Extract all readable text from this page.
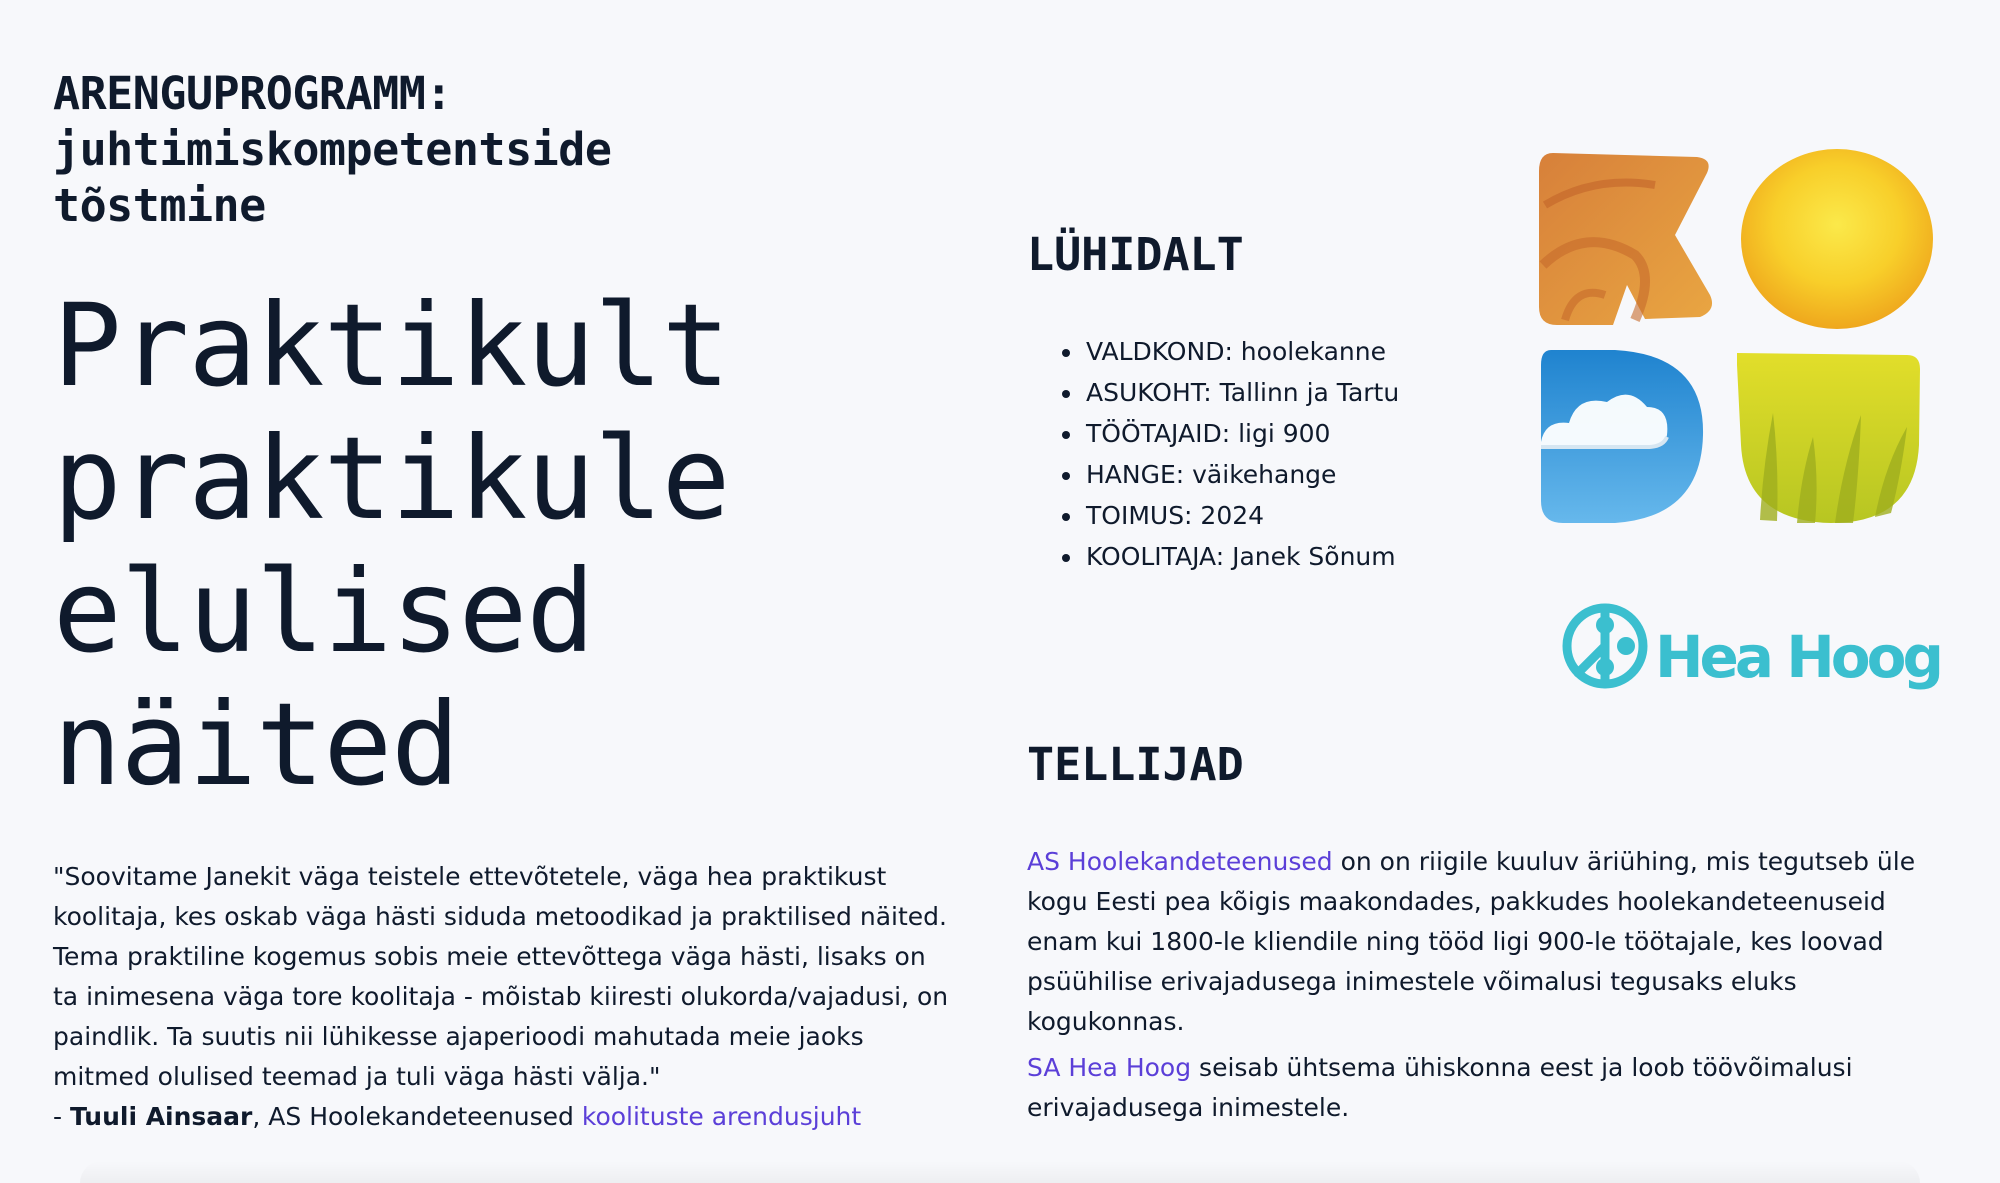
ARENGUPROGRAMM:
juhtimiskompetentside tõstmine
Praktikult
praktikule
elulised
näited

"Soovitame Janekit väga teistele ettevõtetele, väga hea praktikust koolitaja, kes oskab väga hästi siduda metoodikad ja praktilised näited. Tema praktiline kogemus sobis meie ettevõttega väga hästi, lisaks on ta inimesena väga tore koolitaja - mõistab kiiresti olukorda/vajadusi, on paindlik. Ta suutis nii lühikesse ajaperioodi mahutada meie jaoks mitmed olulised teemad ja tuli väga hästi välja."
- Tuuli Ainsaar, AS Hoolekandeteenused koolituste arendusjuht

LÜHIDALT
• VALDKOND: hoolekanne
• ASUKOHT: Tallinn ja Tartu
• TÖÖTAJAID: ligi 900
• HANGE: väikehange
• TOIMUS: 2024
• KOOLITAJA: Janek Sõnum
Hea Hoog
TELLIJAD

AS Hoolekandeteenused on on riigile kuuluv äriühing, mis tegutseb üle kogu Eesti pea kõigis maakondades, pakkudes hoolekandeteenuseid enam kui 1800-le kliendile ning tööd ligi 900-le töötajale, kes loovad psüühilise erivajadusega inimestele võimalusi tegusaks eluks kogukonnas.

SA Hea Hoog seisab ühtsema ühiskonna eest ja loob töövõimalusi erivajadusega inimestele.
